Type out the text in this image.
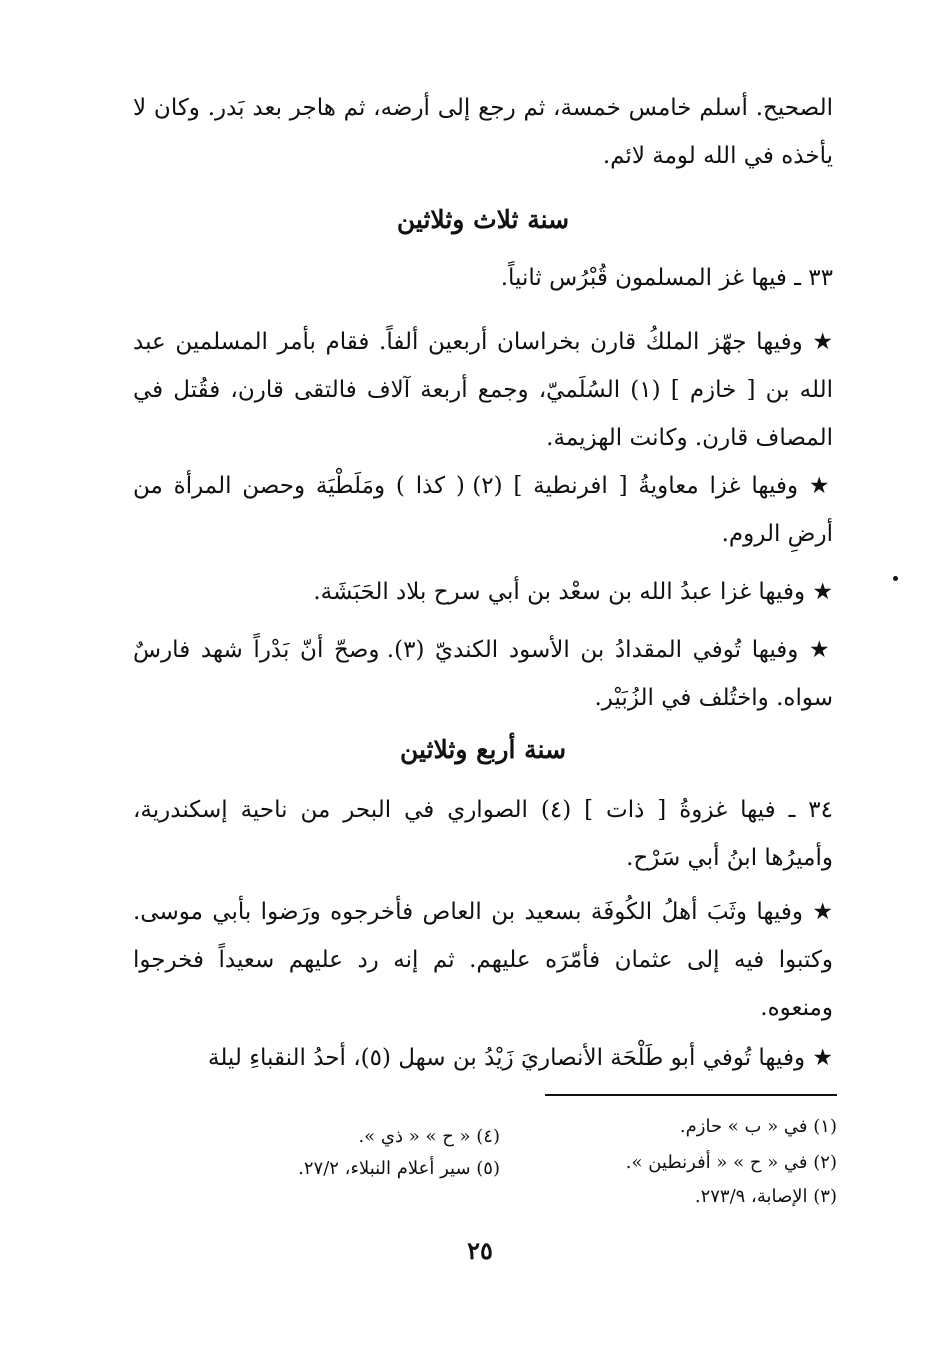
الصحيح. أسلم خامس خمسة، ثم رجع إلى أرضه، ثم هاجر بعد بَدر. وكان لا يأخذه في الله لومة لائم.
سنة ثلاث وثلاثين
٣٣ ـ فيها غز المسلمون قُبْرُس ثانياً.
★ وفيها جهّز الملكُ قارن بخراسان أربعين ألفاً. فقام بأمر المسلمين عبد الله بن [ خازم ] (١) السُلَميّ، وجمع أربعة آلاف فالتقى قارن، فقُتل في المصاف قارن. وكانت الهزيمة.
★ وفيها غزا معاويةُ [ افرنطية ] (٢) ( كذا ) ومَلَطْيَة وحصن المرأة من أرضِ الروم.
★ وفيها غزا عبدُ الله بن سعْد بن أبي سرح بلاد الحَبَشَة.
★ وفيها تُوفي المقدادُ بن الأسود الكنديّ (٣). وصحّ أنّ بَدْراً شهد فارسٌ سواه. واختُلف في الزُبَيْر.
سنة أربع وثلاثين
٣٤ ـ فيها غزوةُ [ ذات ] (٤) الصواري في البحر من ناحية إسكندرية، وأميرُها ابنُ أبي سَرْح.
★ وفيها وثَبَ أهلُ الكُوفَة بسعيد بن العاص فأخرجوه ورَضوا بأبي موسى. وكتبوا فيه إلى عثمان فأمّرَه عليهم. ثم إنه رد عليهم سعيداً فخرجوا ومنعوه.
★ وفيها تُوفي أبو طَلْحَة الأنصاريَ زَيْدُ بن سهل (٥)، أحدُ النقباءِ ليلة
(١) في « ب » حازم.
(٢) في « ح » « أفرنطين ».
(٣) الإصابة، ٢٧٣/٩.
(٤) « ح » « ذي ».
(٥) سير أعلام النبلاء، ٢٧/٢.
٢٥
